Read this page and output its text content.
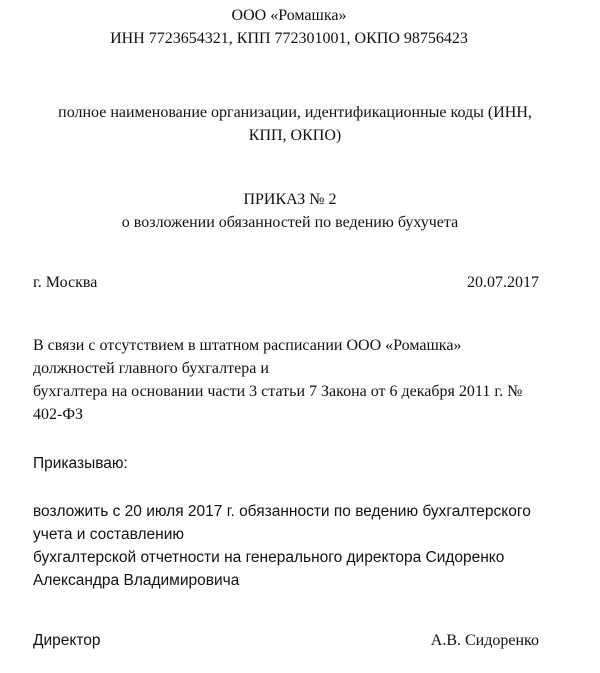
ООО «Ромашка»
ИНН 7723654321, КПП 772301001, ОКПО 98756423
полное наименование организации, идентификационные коды (ИНН,
КПП, ОКПО)
ПРИКАЗ № 2
о возложении обязанностей по ведению бухучета
г. Москва	20.07.2017
В связи с отсутствием в штатном расписании ООО «Ромашка»
должностей главного бухгалтера и
бухгалтера на основании части 3 статьи 7 Закона от 6 декабря 2011 г. №
402-ФЗ
Приказываю:
возложить с 20 июля 2017 г. обязанности по ведению бухгалтерского
учета и составлению
бухгалтерской отчетности на генерального директора Сидоренко
Александра Владимировича
Директор	А.В. Сидоренко
